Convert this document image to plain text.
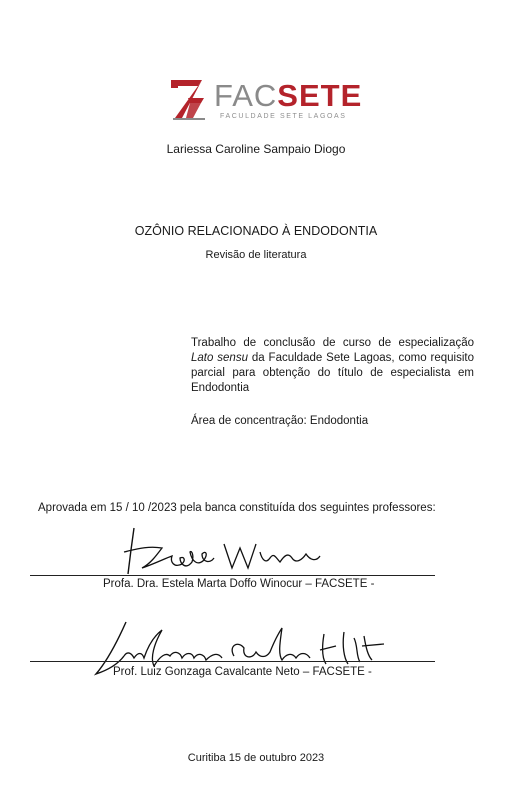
FACSETE
FACULDADE SETE LAGOAS
Lariessa Caroline Sampaio Diogo
OZÔNIO RELACIONADO À ENDODONTIA
Revisão de literatura
Trabalho de conclusão de curso de especialização Lato sensu da Faculdade Sete Lagoas, como requisito parcial para obtenção do título de especialista em Endodontia
Área de concentração: Endodontia
Aprovada em 15 / 10 /2023 pela banca constituída dos seguintes professores:
Profa. Dra. Estela Marta Doffo Winocur – FACSETE -
Prof. Luiz Gonzaga Cavalcante Neto – FACSETE -
Curitiba 15 de outubro 2023
